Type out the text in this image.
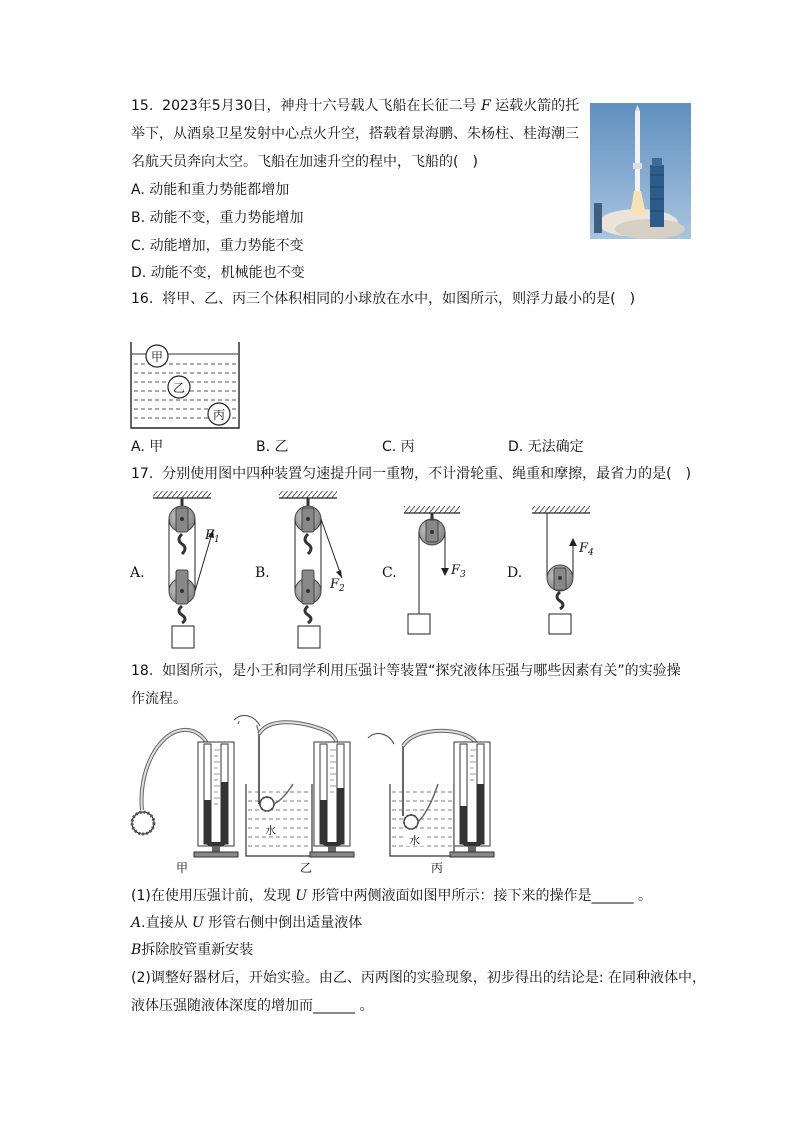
15. 2023年5月30日，神舟十六号载人飞船在长征二号 F 运载火箭的托
举下，从酒泉卫星发射中心点火升空，搭载着景海鹏、朱杨柱、桂海潮三
名航天员奔向太空。飞船在加速升空的程中，飞船的(　)
A. 动能和重力势能都增加
B. 动能不变，重力势能增加
C. 动能增加，重力势能不变
D. 动能不变，机械能也不变
16. 将甲、乙、丙三个体积相同的小球放在水中，如图所示，则浮力最小的是(　)
甲
乙
丙
A. 甲	B. 乙	C. 丙	D. 无法确定
17. 分别使用图中四种装置匀速提升同一重物，不计滑轮重、绳重和摩擦，最省力的是(　)
A.
$F_1$
B.
$F_2$
C.	$F_3$	D.
$F_4$
18. 如图所示，是小王和同学利用压强计等装置“探究液体压强与哪些因素有关”的实验操
作流程。
甲
水
乙
水
丙
(1)在使用压强计前，发现 U 形管中两侧液面如图甲所示：接下来的操作是______ 。
A.直接从 U 形管右侧中倒出适量液体
B拆除胶管重新安装
(2)调整好器材后，开始实验。由乙、丙两图的实验现象，初步得出的结论是: 在同种液体中，
液体压强随液体深度的增加而______ 。
